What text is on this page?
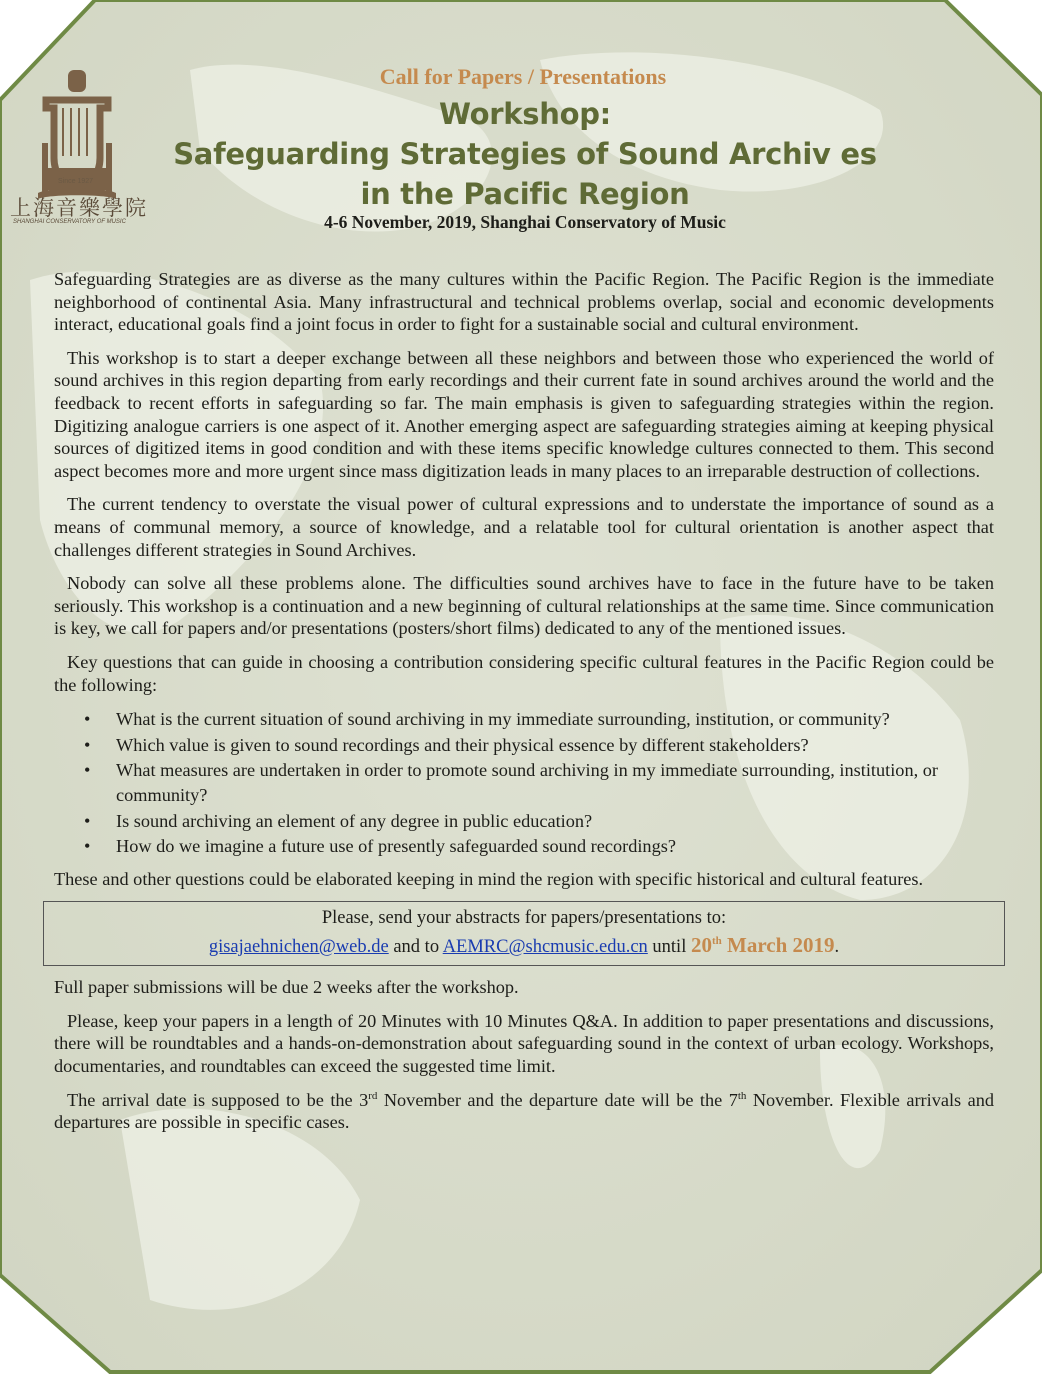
Since 1927
上海音樂學院
SHANGHAI CONSERVATORY OF MUSIC
Call for Papers / Presentations
Workshop:
Safeguarding Strategies of Sound Archiv es
in the Pacific Region
4-6 November, 2019, Shanghai Conservatory of Music

Safeguarding Strategies are as diverse as the many cultures within the Pacific Region. The Pacific Region is the immediate neighborhood of continental Asia. Many infrastructural and technical problems overlap, social and economic developments interact, educational goals find a joint focus in order to fight for a sustainable social and cultural environment.

This workshop is to start a deeper exchange between all these neighbors and between those who experienced the world of sound archives in this region departing from early recordings and their current fate in sound archives around the world and the feedback to recent efforts in safeguarding so far. The main emphasis is given to safeguarding strategies within the region. Digitizing analogue carriers is one aspect of it. Another emerging aspect are safeguarding strategies aiming at keeping physical sources of digitized items in good condition and with these items specific knowledge cultures connected to them. This second aspect becomes more and more urgent since mass digitization leads in many places to an irreparable destruction of collections.

The current tendency to overstate the visual power of cultural expressions and to understate the importance of sound as a means of communal memory, a source of knowledge, and a relatable tool for cultural orientation is another aspect that challenges different strategies in Sound Archives.

Nobody can solve all these problems alone. The difficulties sound archives have to face in the future have to be taken seriously. This workshop is a continuation and a new beginning of cultural relationships at the same time. Since communication is key, we call for papers and/or presentations (posters/short films) dedicated to any of the mentioned issues.

Key questions that can guide in choosing a contribution considering specific cultural features in the Pacific Region could be the following:

• What is the current situation of sound archiving in my immediate surrounding, institution, or community?
• Which value is given to sound recordings and their physical essence by different stakeholders?
• What measures are undertaken in order to promote sound archiving in my immediate surrounding, institution, or community?
• Is sound archiving an element of any degree in public education?
• How do we imagine a future use of presently safeguarded sound recordings?

These and other questions could be elaborated keeping in mind the region with specific historical and cultural features.

Please, send your abstracts for papers/presentations to:
gisajaehnichen@web.de and to AEMRC@shcmusic.edu.cn until 20th March 2019.

Full paper submissions will be due 2 weeks after the workshop.

Please, keep your papers in a length of 20 Minutes with 10 Minutes Q&A. In addition to paper presentations and discussions, there will be roundtables and a hands-on-demonstration about safeguarding sound in the context of urban ecology. Workshops, documentaries, and roundtables can exceed the suggested time limit.

The arrival date is supposed to be the 3rd November and the departure date will be the 7th November. Flexible arrivals and departures are possible in specific cases.
